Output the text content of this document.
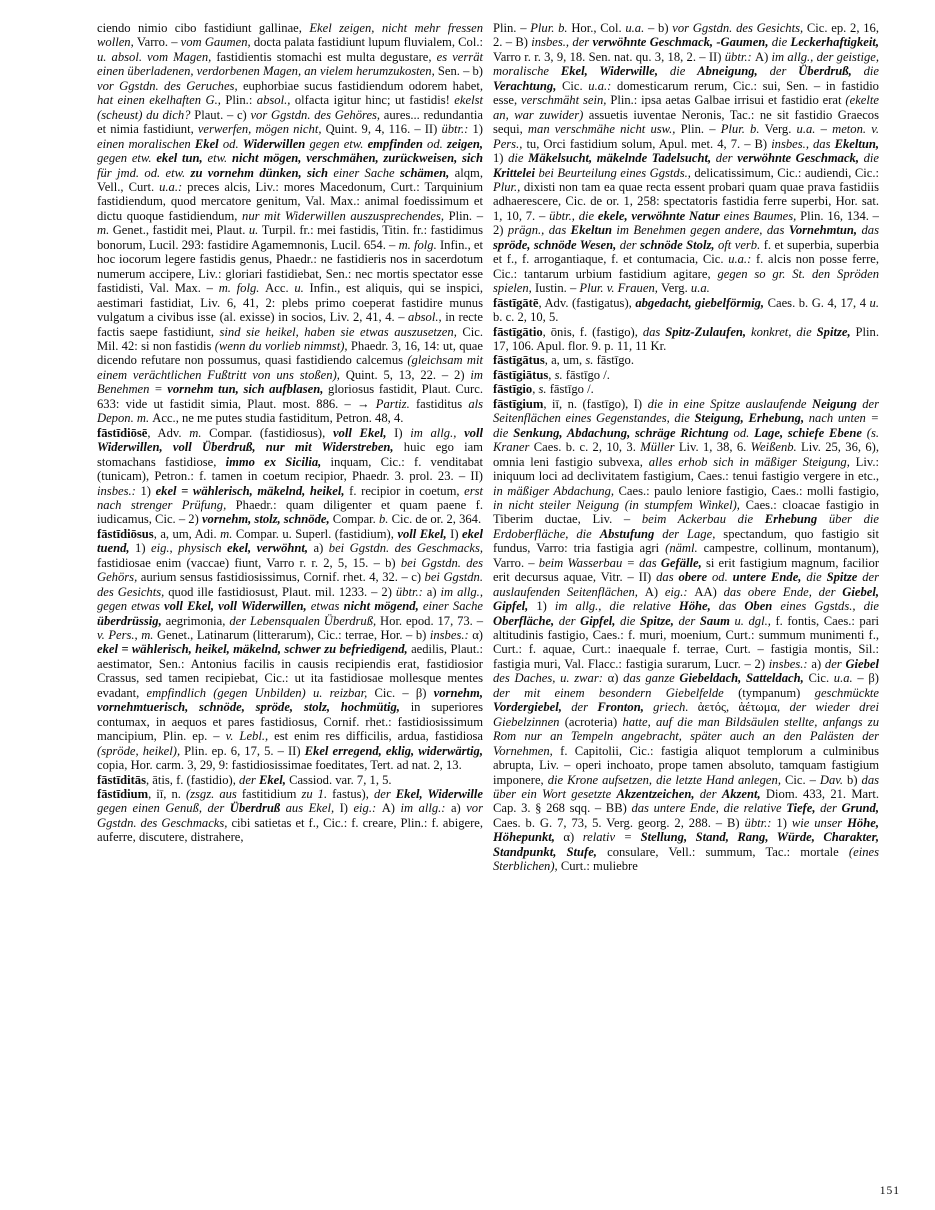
ciendo nimio cibo fastidiunt gallinae, Ekel zeigen, nicht mehr fressen wollen, Varro. – vom Gaumen, docta palata fastidiunt lupum fluvialem, Col.: u. absol. vom Magen, fastidientis stomachi est multa degustare, es verrät einen überladenen, verdorbenen Magen, an vielem herumzukosten, Sen. – b) vor Ggstdn. des Geruches, euphorbiae sucus fastidiendum odorem habet, hat einen ekelhaften G., Plin.: absol., olfacta igitur hinc; ut fastidis! ekelst (scheust) du dich? Plaut. – c) vor Ggstdn. des Gehöres, aures... redundantia et nimia fastidiunt, verwerfen, mögen nicht, Quint. 9, 4, 116. – II) übtr.: 1) einen moralischen Ekel od. Widerwillen gegen etw. empfinden od. zeigen, gegen etw. ekel tun, etw. nicht mögen, verschmähen, zurückweisen, sich für jmd. od. etw. zu vornehm dünken, sich einer Sache schämen, alqm, Vell., Curt. u.a.: preces alcis, Liv.: mores Macedonum, Curt.: Tarquinium fastidiendum, quod mercatore genitum, Val. Max.: animal foedissimum et dictu quoque fastidiendum, nur mit Widerwillen auszusprechendes, Plin. – m. Genet., fastidit mei, Plaut. u. Turpil. fr.: mei fastidis, Titin. fr.: fastidimus bonorum, Lucil. 293: fastidire Agamemnonis, Lucil. 654. – m. folg. Infin., et hoc iocorum legere fastidis genus, Phaedr.: ne fastidieris nos in sacerdotum numerum accipere, Liv.: gloriari fastidiebat, Sen.: nec mortis spectator esse fastidisti, Val. Max. – m. folg. Acc. u. Infin., est aliquis, qui se inspici, aestimari fastidiat, Liv. 6, 41, 2: plebs primo coeperat fastidire munus vulgatum a civibus isse (al. exisse) in socios, Liv. 2, 41, 4. – absol., in recte factis saepe fastidiunt, sind sie heikel, haben sie etwas auszusetzen, Cic. Mil. 42: si non fastidis (wenn du vorlieb nimmst), Phaedr. 3, 16, 14: ut, quae dicendo refutare non possumus, quasi fastidiendo calcemus (gleichsam mit einem verächtlichen Fußtritt von uns stoßen), Quint. 5, 13, 22. – 2) im Benehmen = vornehm tun, sich aufblasen, gloriosus fastidit, Plaut. Curc. 633: vide ut fastidit simia, Plaut. most. 886. – → Partiz. fastiditus als Depon. m. Acc., ne me putes studia fastiditum, Petron. 48, 4.

fāstīdiōsē, Adv. m. Compar. (fastidiosus), voll Ekel, I) im allg., voll Widerwillen, voll Überdruß, nur mit Widerstreben, huic ego iam stomachans fastidiose, immo ex Sicilia, inquam, Cic.: f. venditabat (tunicam), Petron.: f. tamen in coetum recipior, Phaedr. 3. prol. 23. – II) insbes.: 1) ekel = wählerisch, mäkelnd, heikel, f. recipior in coetum, erst nach strenger Prüfung, Phaedr.: quam diligenter et quam paene f. iudicamus, Cic. – 2) vornehm, stolz, schnöde, Compar. b. Cic. de or. 2, 364.

fāstīdiōsus, a, um, Adi. m. Compar. u. Superl. (fastidium), voll Ekel, I) ekel tuend, 1) eig., physisch ekel, verwöhnt, a) bei Ggstdn. des Geschmacks, fastidiosae enim (vaccae) fiunt, Varro r. r. 2, 5, 15. – b) bei Ggstdn. des Gehörs, aurium sensus fastidiosissimus, Cornif. rhet. 4, 32. – c) bei Ggstdn. des Gesichts, quod ille fastidiosust, Plaut. mil. 1233. – 2) übtr.: a) im allg., gegen etwas voll Ekel, voll Widerwillen, etwas nicht mögend, einer Sache überdrüssig, aegrimonia, der Lebensqualen Überdruß, Hor. epod. 17, 73. – v. Pers., m. Genet., Latinarum (litterarum), Cic.: terrae, Hor. – b) insbes.: α) ekel = wählerisch, heikel, mäkelnd, schwer zu befriedigend, aedilis, Plaut.: aestimator, Sen.: Antonius facilis in causis recipiendis erat, fastidiosior Crassus, sed tamen recipiebat, Cic.: ut ita fastidiosae mollesque mentes evadant, empfindlich (gegen Unbilden) u. reizbar, Cic. – β) vornehm, vornehmtuerisch, schnöde, spröde, stolz, hochmütig, in superiores contumax, in aequos et pares fastidiosus, Cornif. rhet.: fastidiosissimum mancipium, Plin. ep. – v. Lebl., est enim res difficilis, ardua, fastidiosa (spröde, heikel), Plin. ep. 6, 17, 5. – II) Ekel erregend, eklig, widerwärtig, copia, Hor. carm. 3, 29, 9: fastidiosissimae foeditates, Tert. ad nat. 2, 13.

fāstīditās, ātis, f. (fastidio), der Ekel, Cassiod. var. 7, 1, 5.

fāstīdium, iī, n. (zsgz. aus fastitidium zu 1. fastus), der Ekel, Widerwille gegen einen Genuß, der Überdruß aus Ekel, I) eig.: A) im allg.: a) vor Ggstdn. des Geschmacks, cibi satietas et f., Cic.: f. creare, Plin.: f. abigere, auferre, discutere, distrahere,

Plin. – Plur. b. Hor., Col. u.a. – b) vor Ggstdn. des Gesichts, Cic. ep. 2, 16, 2. – B) insbes., der verwöhnte Geschmack, -Gaumen, die Leckerhaftigkeit, Varro r. r. 3, 9, 18. Sen. nat. qu. 3, 18, 2. – II) übtr.: A) im allg., der geistige, moralische Ekel, Widerwille, die Abneigung, der Überdruß, die Verachtung, Cic. u.a.: domesticarum rerum, Cic.: sui, Sen. – in fastidio esse, verschmäht sein, Plin.: ipsa aetas Galbae irrisui et fastidio erat (ekelte an, war zuwider) assuetis iuventae Neronis, Tac.: ne sit fastidio Graecos sequi, man verschmähe nicht usw., Plin. – Plur. b. Verg. u.a. – meton. v. Pers., tu, Orci fastidium solum, Apul. met. 4, 7. – B) insbes., das Ekeltun, 1) die Mäkelsucht, mäkelnde Tadelsucht, der verwöhnte Geschmack, die Krittelei bei Beurteilung eines Ggstds., delicatissimum, Cic.: audiendi, Cic.: Plur., dixisti non tam ea quae recta essent probari quam quae prava fastidiis adhaerescere, Cic. de or. 1, 258: spectatoris fastidia ferre superbi, Hor. sat. 1, 10, 7. – übtr., die ekele, verwöhnte Natur eines Baumes, Plin. 16, 134. – 2) prägn., das Ekeltun im Benehmen gegen andere, das Vornehmtun, das spröde, schnöde Wesen, der schnöde Stolz, oft verb. f. et superbia, superbia et f., f. arrogantiaque, f. et contumacia, Cic. u.a.: f. alcis non posse ferre, Cic.: tantarum urbium fastidium agitare, gegen so gr. St. den Spröden spielen, Iustin. – Plur. v. Frauen, Verg. u.a.

fāstīgātē, Adv. (fastigatus), abgedacht, giebelförmig, Caes. b. G. 4, 17, 4 u. b. c. 2, 10, 5.

fāstīgātio, ōnis, f. (fastigo), das Spitz-Zulaufen, konkret, die Spitze, Plin. 17, 106. Apul. flor. 9. p. 11, 11 Kr.

fāstīgātus, a, um, s. fāstīgo.

fāstīgiātus, s. fāstīgo /.

fāstīgio, s. fāstīgo /.

fāstīgium, iī, n. (fastīgo), I) die in eine Spitze auslaufende Neigung der Seitenflächen eines Gegenstandes, die Steigung, Erhebung, nach unten = die Senkung, Abdachung, schräge Richtung od. Lage, schiefe Ebene (s. Kraner Caes. b. c. 2, 10, 3. Müller Liv. 1, 38, 6. Weißenb. Liv. 25, 36, 6), omnia leni fastigio subvexa, alles erhob sich in mäßiger Steigung, Liv.: iniquum loci ad declivitatem fastigium, Caes.: tenui fastigio vergere in etc., in mäßiger Abdachung, Caes.: paulo leniore fastigio, Caes.: molli fastigio, in nicht steiler Neigung (in stumpfem Winkel), Caes.: cloacae fastigio in Tiberim ductae, Liv. – beim Ackerbau die Erhebung über die Erdoberfläche, die Abstufung der Lage, spectandum, quo fastigio sit fundus, Varro: tria fastigia agri (näml. campestre, collinum, montanum), Varro. – beim Wasserbau = das Gefälle, si erit fastigium magnum, facilior erit decursus aquae, Vitr. – II) das obere od. untere Ende, die Spitze der auslaufenden Seitenflächen, A) eig.: AA) das obere Ende, der Giebel, Gipfel, 1) im allg., die relative Höhe, das Oben eines Ggstds., die Oberfläche, der Gipfel, die Spitze, der Saum u. dgl., f. fontis, Caes.: pari altitudinis fastigio, Caes.: f. muri, moenium, Curt.: summum munimenti f., Curt.: f. aquae, Curt.: inaequale f. terrae, Curt. – fastigia montis, Sil.: fastigia muri, Val. Flacc.: fastigia surarum, Lucr. – 2) insbes.: a) der Giebel des Daches, u. zwar: α) das ganze Giebeldach, Satteldach, Cic. u.a. – β) der mit einem besondern Giebelfelde (tympanum) geschmückte Vordergiebel, der Fronton, griech. ἀετός, ἀέτωμα, der wieder drei Giebelzinnen (acroteria) hatte, auf die man Bildsäulen stellte, anfangs zu Rom nur an Tempeln angebracht, später auch an den Palästen der Vornehmen, f. Capitolii, Cic.: fastigia aliquot templorum a culminibus abrupta, Liv. – operi inchoato, prope tamen absoluto, tamquam fastigium imponere, die Krone aufsetzen, die letzte Hand anlegen, Cic. – Dav. b) das über ein Wort gesetzte Akzentzeichen, der Akzent, Diom. 433, 21. Mart. Cap. 3. § 268 sqq. – BB) das untere Ende, die relative Tiefe, der Grund, Caes. b. G. 7, 73, 5. Verg. georg. 2, 288. – B) übtr.: 1) wie unser Höhe, Höhepunkt, α) relativ = Stellung, Stand, Rang, Würde, Charakter, Standpunkt, Stufe, consulare, Vell.: summum, Tac.: mortale (eines Sterblichen), Curt.: muliebre

151
